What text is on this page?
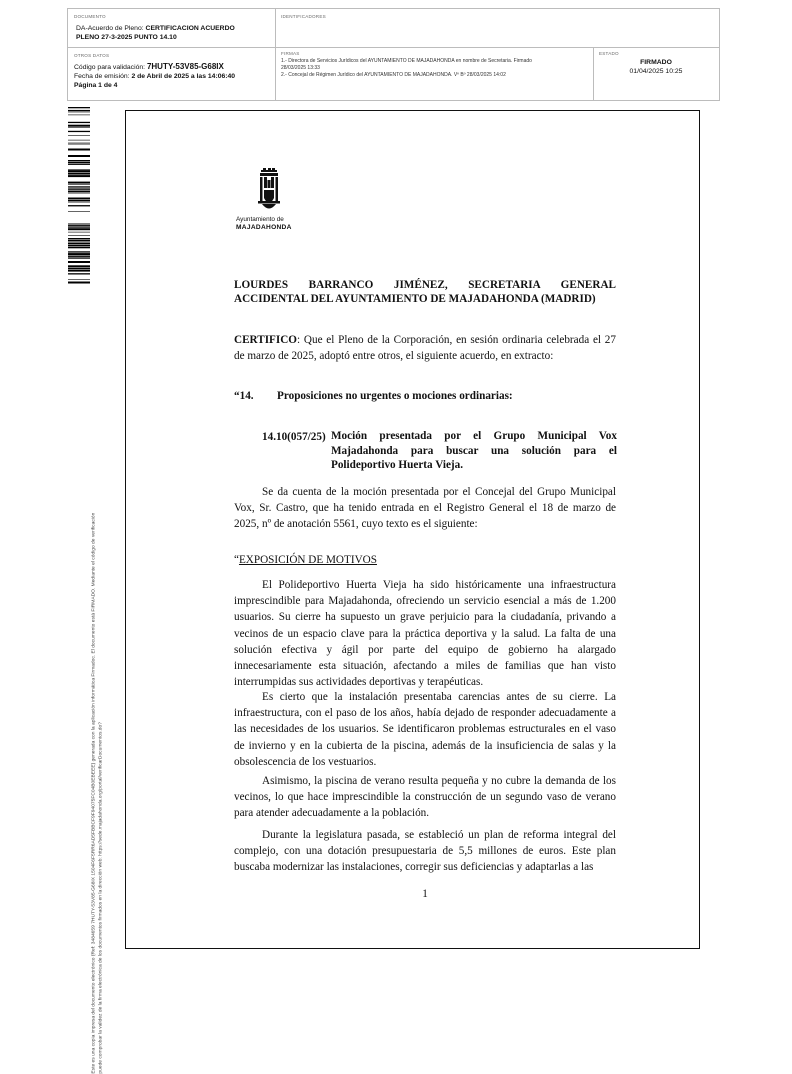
DOCUMENTO
DA-Acuerdo de Pleno: CERTIFICACION ACUERDO
PLENO 27-3-2025 PUNTO 14.10
IDENTIFICADORES
OTROS DATOS
Código para validación: 7HUTY-53V85-G68IX
Fecha de emisión: 2 de Abril de 2025 a las 14:06:40
Página 1 de 4
FIRMAS
1.- Directora de Servicios Jurídicos del AYUNTAMIENTO DE MAJADAHONDA en nombre de Secretaria. Firmado
28/03/2025 13:33
2.- Concejal de Régimen Jurídico del AYUNTAMIENTO DE MAJADAHONDA. Vº Bº 28/03/2025 14:02
ESTADO
FIRMADO
01/04/2025 10:25
Este es una copia impresa del documento electrónico (Ref: 3484659 7HUTY-53V85-G68IX 1504F6F5RR6AD5FBBCF9F94075FC04B0EBEEE) generada con la aplicación informática Firmadoc. El documento está FIRMADO. Mediante el código de verificación puede comprobar la validez de la firma electrónica de los documentos firmados en la dirección web: https://sede.majadahonda.org/portal/verificarDocumentos.do?
Ayuntamiento de
MAJADAHONDA
LOURDES BARRANCO JIMÉNEZ, SECRETARIA GENERAL
ACCIDENTAL DEL AYUNTAMIENTO DE MAJADAHONDA (MADRID)
CERTIFICO: Que el Pleno de la Corporación, en sesión ordinaria celebrada el 27 de marzo de 2025, adoptó entre otros, el siguiente acuerdo, en extracto:
“14.	Proposiciones no urgentes o mociones ordinarias:
14.10(057/25) Moción presentada por el Grupo Municipal Vox Majadahonda para buscar una solución para el Polideportivo Huerta Vieja.
Se da cuenta de la moción presentada por el Concejal del Grupo Municipal Vox, Sr. Castro, que ha tenido entrada en el Registro General el 18 de marzo de 2025, nº de anotación 5561, cuyo texto es el siguiente:
“EXPOSICIÓN DE MOTIVOS
El Polideportivo Huerta Vieja ha sido históricamente una infraestructura imprescindible para Majadahonda, ofreciendo un servicio esencial a más de 1.200 usuarios. Su cierre ha supuesto un grave perjuicio para la ciudadanía, privando a vecinos de un espacio clave para la práctica deportiva y la salud. La falta de una solución efectiva y ágil por parte del equipo de gobierno ha alargado innecesariamente esta situación, afectando a miles de familias que han visto interrumpidas sus actividades deportivas y terapéuticas.
Es cierto que la instalación presentaba carencias antes de su cierre. La infraestructura, con el paso de los años, había dejado de responder adecuadamente a las necesidades de los usuarios. Se identificaron problemas estructurales en el vaso de invierno y en la cubierta de la piscina, además de la insuficiencia de salas y la obsolescencia de los vestuarios.
Asimismo, la piscina de verano resulta pequeña y no cubre la demanda de los vecinos, lo que hace imprescindible la construcción de un segundo vaso de verano para atender adecuadamente a la población.
Durante la legislatura pasada, se estableció un plan de reforma integral del complejo, con una dotación presupuestaria de 5,5 millones de euros. Este plan buscaba modernizar las instalaciones, corregir sus deficiencias y adaptarlas a las
1
